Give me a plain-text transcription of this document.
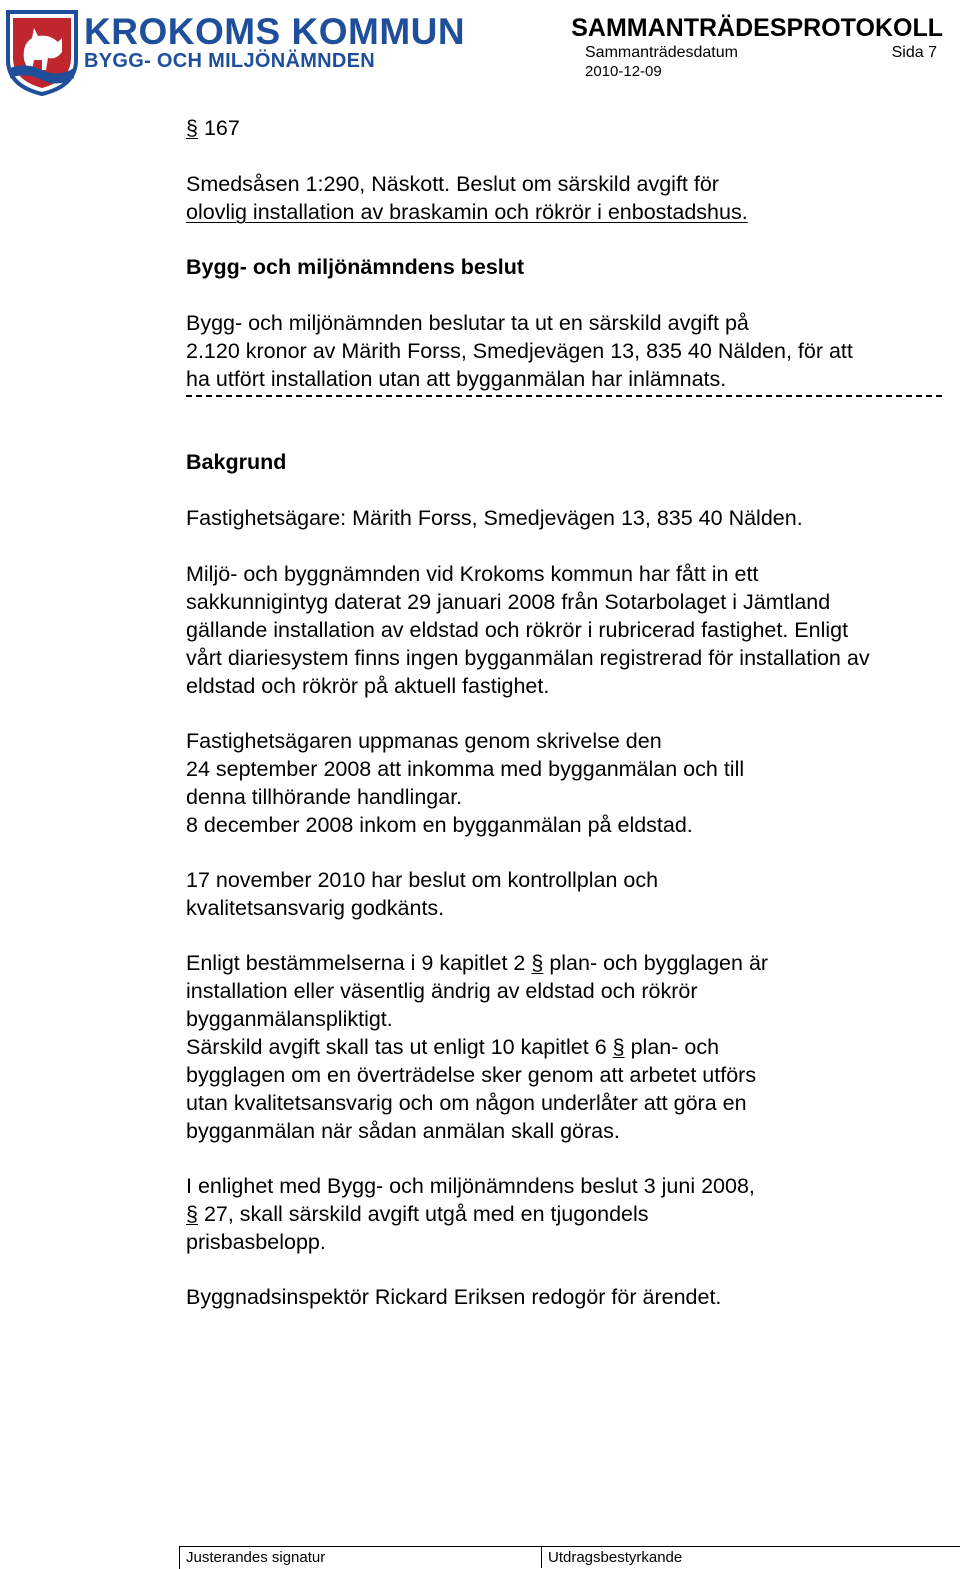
KROKOMS KOMMUN
BYGG- OCH MILJÖNÄMNDEN
SAMMANTRÄDESPROTOKOLL
Sammanträdesdatum	Sida 7
2010-12-09
§ 167
Smedsåsen 1:290, Näskott. Beslut om särskild avgift för
olovlig installation av braskamin och rökrör i enbostadshus.
Bygg- och miljönämndens beslut
Bygg- och miljönämnden beslutar ta ut en särskild avgift på
2.120 kronor av Märith Forss, Smedjevägen 13, 835 40 Nälden, för att
ha utfört installation utan att bygganmälan har inlämnats.
Bakgrund
Fastighetsägare: Märith Forss, Smedjevägen 13, 835 40 Nälden.
Miljö- och byggnämnden vid Krokoms kommun har fått in ett
sakkunnigintyg daterat 29 januari 2008 från Sotarbolaget i Jämtland
gällande installation av eldstad och rökrör i rubricerad fastighet. Enligt
vårt diariesystem finns ingen bygganmälan registrerad för installation av
eldstad och rökrör på aktuell fastighet.
Fastighetsägaren uppmanas genom skrivelse den
24 september 2008 att inkomma med bygganmälan och till
denna tillhörande handlingar.
8 december 2008 inkom en bygganmälan på eldstad.
17 november 2010 har beslut om kontrollplan och
kvalitetsansvarig godkänts.
Enligt bestämmelserna i 9 kapitlet 2 § plan- och bygglagen är
installation eller väsentlig ändrig av eldstad och rökrör
bygganmälanspliktigt.
Särskild avgift skall tas ut enligt 10 kapitlet 6 § plan- och
bygglagen om en överträdelse sker genom att arbetet utförs
utan kvalitetsansvarig och om någon underlåter att göra en
bygganmälan när sådan anmälan skall göras.
I enlighet med Bygg- och miljönämndens beslut 3 juni 2008,
§ 27, skall särskild avgift utgå med en tjugondels
prisbasbelopp.
Byggnadsinspektör Rickard Eriksen redogör för ärendet.
Justerandes signatur	Utdragsbestyrkande
